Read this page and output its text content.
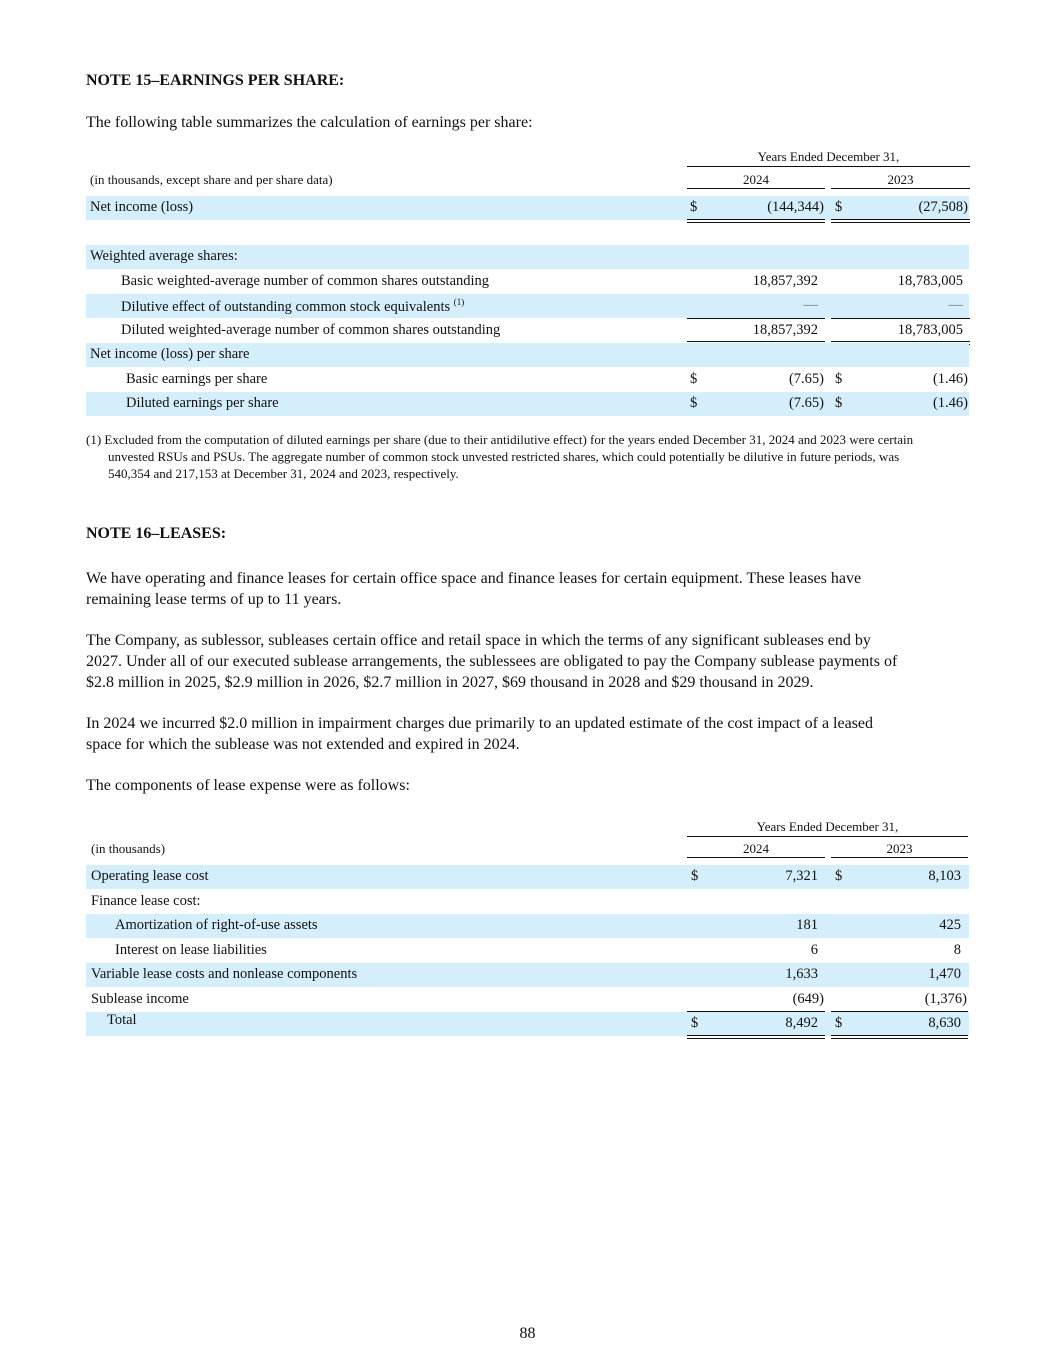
NOTE 15–EARNINGS PER SHARE:
The following table summarizes the calculation of earnings per share:
Years Ended December 31,
(in thousands, except share and per share data)	2024	2023
Net income (loss)	$	(144,344) $	(27,508)
Weighted average shares:
Basic weighted-average number of common shares outstanding	18,857,392	18,783,005
Dilutive effect of outstanding common stock equivalents $^{(1)}$	—	—
Diluted weighted-average number of common shares outstanding	18,857,392	18,783,005
Net income (loss) per share
Basic earnings per share	$	(7.65) $	(1.46)
Diluted earnings per share	$	(7.65) $	(1.46)
(1) Excluded from the computation of diluted earnings per share (due to their antidilutive effect) for the years ended December 31, 2024 and 2023 were certain
unvested RSUs and PSUs. The aggregate number of common stock unvested restricted shares, which could potentially be dilutive in future periods, was
540,354 and 217,153 at December 31, 2024 and 2023, respectively.
NOTE 16–LEASES:
We have operating and finance leases for certain office space and finance leases for certain equipment. These leases have
remaining lease terms of up to 11 years.
The Company, as sublessor, subleases certain office and retail space in which the terms of any significant subleases end by
2027. Under all of our executed sublease arrangements, the sublessees are obligated to pay the Company sublease payments of
$2.8 million in 2025, $2.9 million in 2026, $2.7 million in 2027, $69 thousand in 2028 and $29 thousand in 2029.
In 2024 we incurred $2.0 million in impairment charges due primarily to an updated estimate of the cost impact of a leased
space for which the sublease was not extended and expired in 2024.
The components of lease expense were as follows:
Years Ended December 31,
(in thousands)	2024	2023
Operating lease cost	$	7,321 $	8,103
Finance lease cost:
Amortization of right-of-use assets	181	425
Interest on lease liabilities	6	8
Variable lease costs and nonlease components	1,633	1,470
Sublease income	(649)	(1,376)
Total	$	8,492 $	8,630
88
